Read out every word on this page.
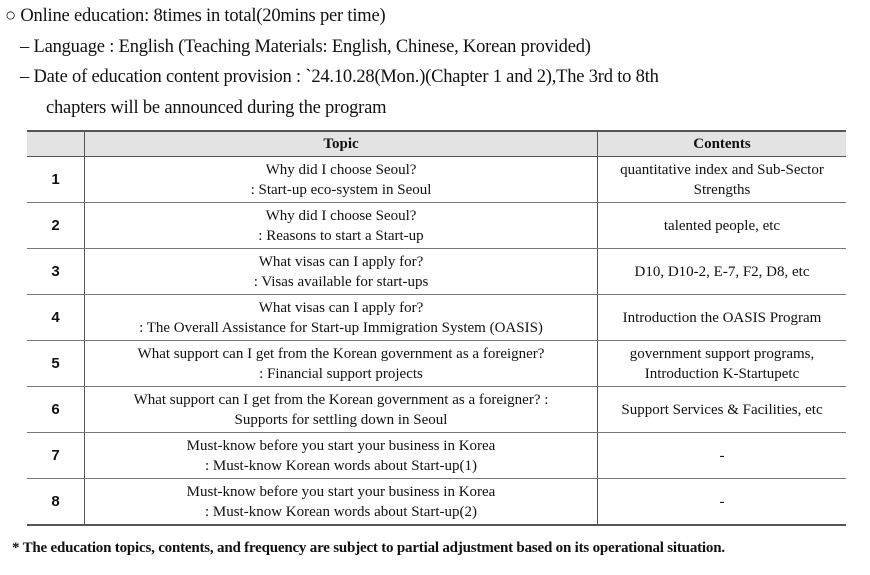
○ Online education: 8times in total(20mins per time)
– Language : English (Teaching Materials: English, Chinese, Korean provided)
– Date of education content provision : `24.10.28(Mon.)(Chapter 1 and 2),The 3rd to 8th
chapters will be announced during the program
	Topic	Contents
1	Why did I choose Seoul?
: Start-up eco-system in Seoul	quantitative index and Sub-Sector Strengths
2	Why did I choose Seoul?
: Reasons to start a Start-up	talented people, etc
3	What visas can I apply for?
: Visas available for start-ups	D10, D10-2, E-7, F2, D8, etc
4	What visas can I apply for?
: The Overall Assistance for Start-up Immigration System (OASIS)	Introduction the OASIS Program
5	What support can I get from the Korean government as a foreigner?
: Financial support projects	government support programs, Introduction K-Startupetc
6	What support can I get from the Korean government as a foreigner? :
Supports for settling down in Seoul	Support Services & Facilities, etc
7	Must-know before you start your business in Korea
: Must-know Korean words about Start-up(1)	-
8	Must-know before you start your business in Korea
: Must-know Korean words about Start-up(2)	-
* The education topics, contents, and frequency are subject to partial adjustment based on its operational situation.
